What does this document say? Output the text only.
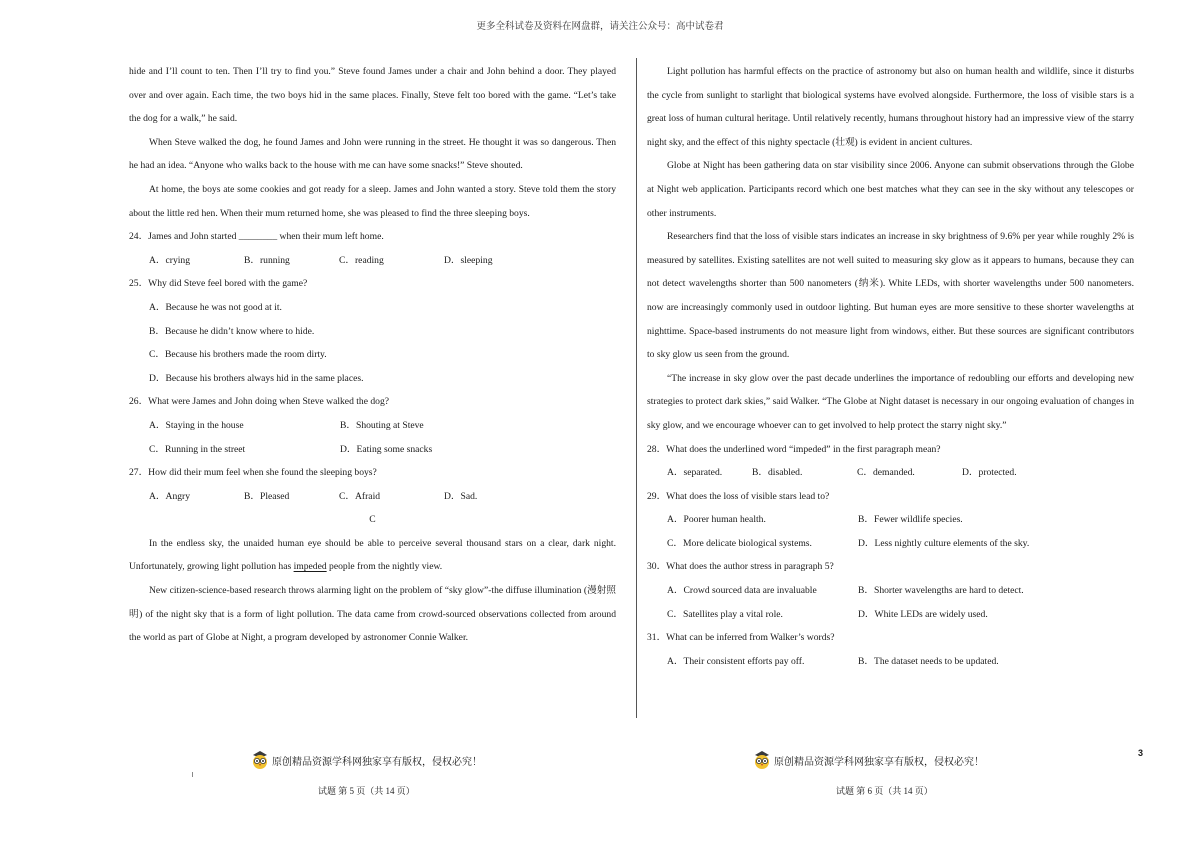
更多全科试卷及资料在网盘群，请关注公众号：高中试卷君

hide and I’ll count to ten. Then I’ll try to find you.” Steve found James under a chair and John behind a door. They played over and over again. Each time, the two boys hid in the same places. Finally, Steve felt too bored with the game. “Let’s take the dog for a walk,” he said.

When Steve walked the dog, he found James and John were running in the street. He thought it was so dangerous. Then he had an idea. “Anyone who walks back to the house with me can have some snacks!” Steve shouted.

At home, the boys ate some cookies and got ready for a sleep. James and John wanted a story. Steve told them the story about the little red hen. When their mum returned home, she was pleased to find the three sleeping boys.

24．James and John started ________ when their mum left home.

A．crying	B．running	C．reading	D．sleeping

25．Why did Steve feel bored with the game?

A．Because he was not good at it.

B．Because he didn’t know where to hide.

C．Because his brothers made the room dirty.

D．Because his brothers always hid in the same places.

26．What were James and John doing when Steve walked the dog?

A．Staying in the house	B．Shouting at Steve
C．Running in the street	D．Eating some snacks

27．How did their mum feel when she found the sleeping boys?

A．Angry	B．Pleased	C．Afraid	D．Sad.

C

In the endless sky, the unaided human eye should be able to perceive several thousand stars on a clear, dark night. Unfortunately, growing light pollution has impeded people from the nightly view.

New citizen-science-based research throws alarming light on the problem of “sky glow”-the diffuse illumination (漫射照明) of the night sky that is a form of light pollution. The data came from crowd-sourced observations collected from around the world as part of Globe at Night, a program developed by astronomer Connie Walker.

Light pollution has harmful effects on the practice of astronomy but also on human health and wildlife, since it disturbs the cycle from sunlight to starlight that biological systems have evolved alongside. Furthermore, the loss of visible stars is a great loss of human cultural heritage. Until relatively recently, humans throughout history had an impressive view of the starry night sky, and the effect of this nighty spectacle (壮观) is evident in ancient cultures.

Globe at Night has been gathering data on star visibility since 2006. Anyone can submit observations through the Globe at Night web application. Participants record which one best matches what they can see in the sky without any telescopes or other instruments.

Researchers find that the loss of visible stars indicates an increase in sky brightness of 9.6% per year while roughly 2% is measured by satellites. Existing satellites are not well suited to measuring sky glow as it appears to humans, because they can not detect wavelengths shorter than 500 nanometers (纳米). White LEDs, with shorter wavelengths under 500 nanometers. now are increasingly commonly used in outdoor lighting. But human eyes are more sensitive to these shorter wavelengths at nighttime. Space-based instruments do not measure light from windows, either. But these sources are significant contributors to sky glow us seen from the ground.

“The increase in sky glow over the past decade underlines the importance of redoubling our efforts and developing new strategies to protect dark skies,” said Walker. “The Globe at Night dataset is necessary in our ongoing evaluation of changes in sky glow, and we encourage whoever can to get involved to help protect the starry night sky.”

28．What does the underlined word “impeded” in the first paragraph mean?

A．separated.	B．disabled.	C．demanded.	D．protected.

29．What does the loss of visible stars lead to?

A．Poorer human health.	B．Fewer wildlife species.
C．More delicate biological systems.	D．Less nightly culture elements of the sky.

30．What does the author stress in paragraph 5?

A．Crowd sourced data are invaluable	B．Shorter wavelengths are hard to detect.
C．Satellites play a vital role.	D．White LEDs are widely used.

31．What can be inferred from Walker’s words?

A．Their consistent efforts pay off.	B．The dataset needs to be updated.
原创精品资源学科网独家享有版权，侵权必究！	原创精品资源学科网独家享有版权，侵权必究！
试题 第 5 页（共 14 页）	试题 第 6 页（共 14 页）
3
